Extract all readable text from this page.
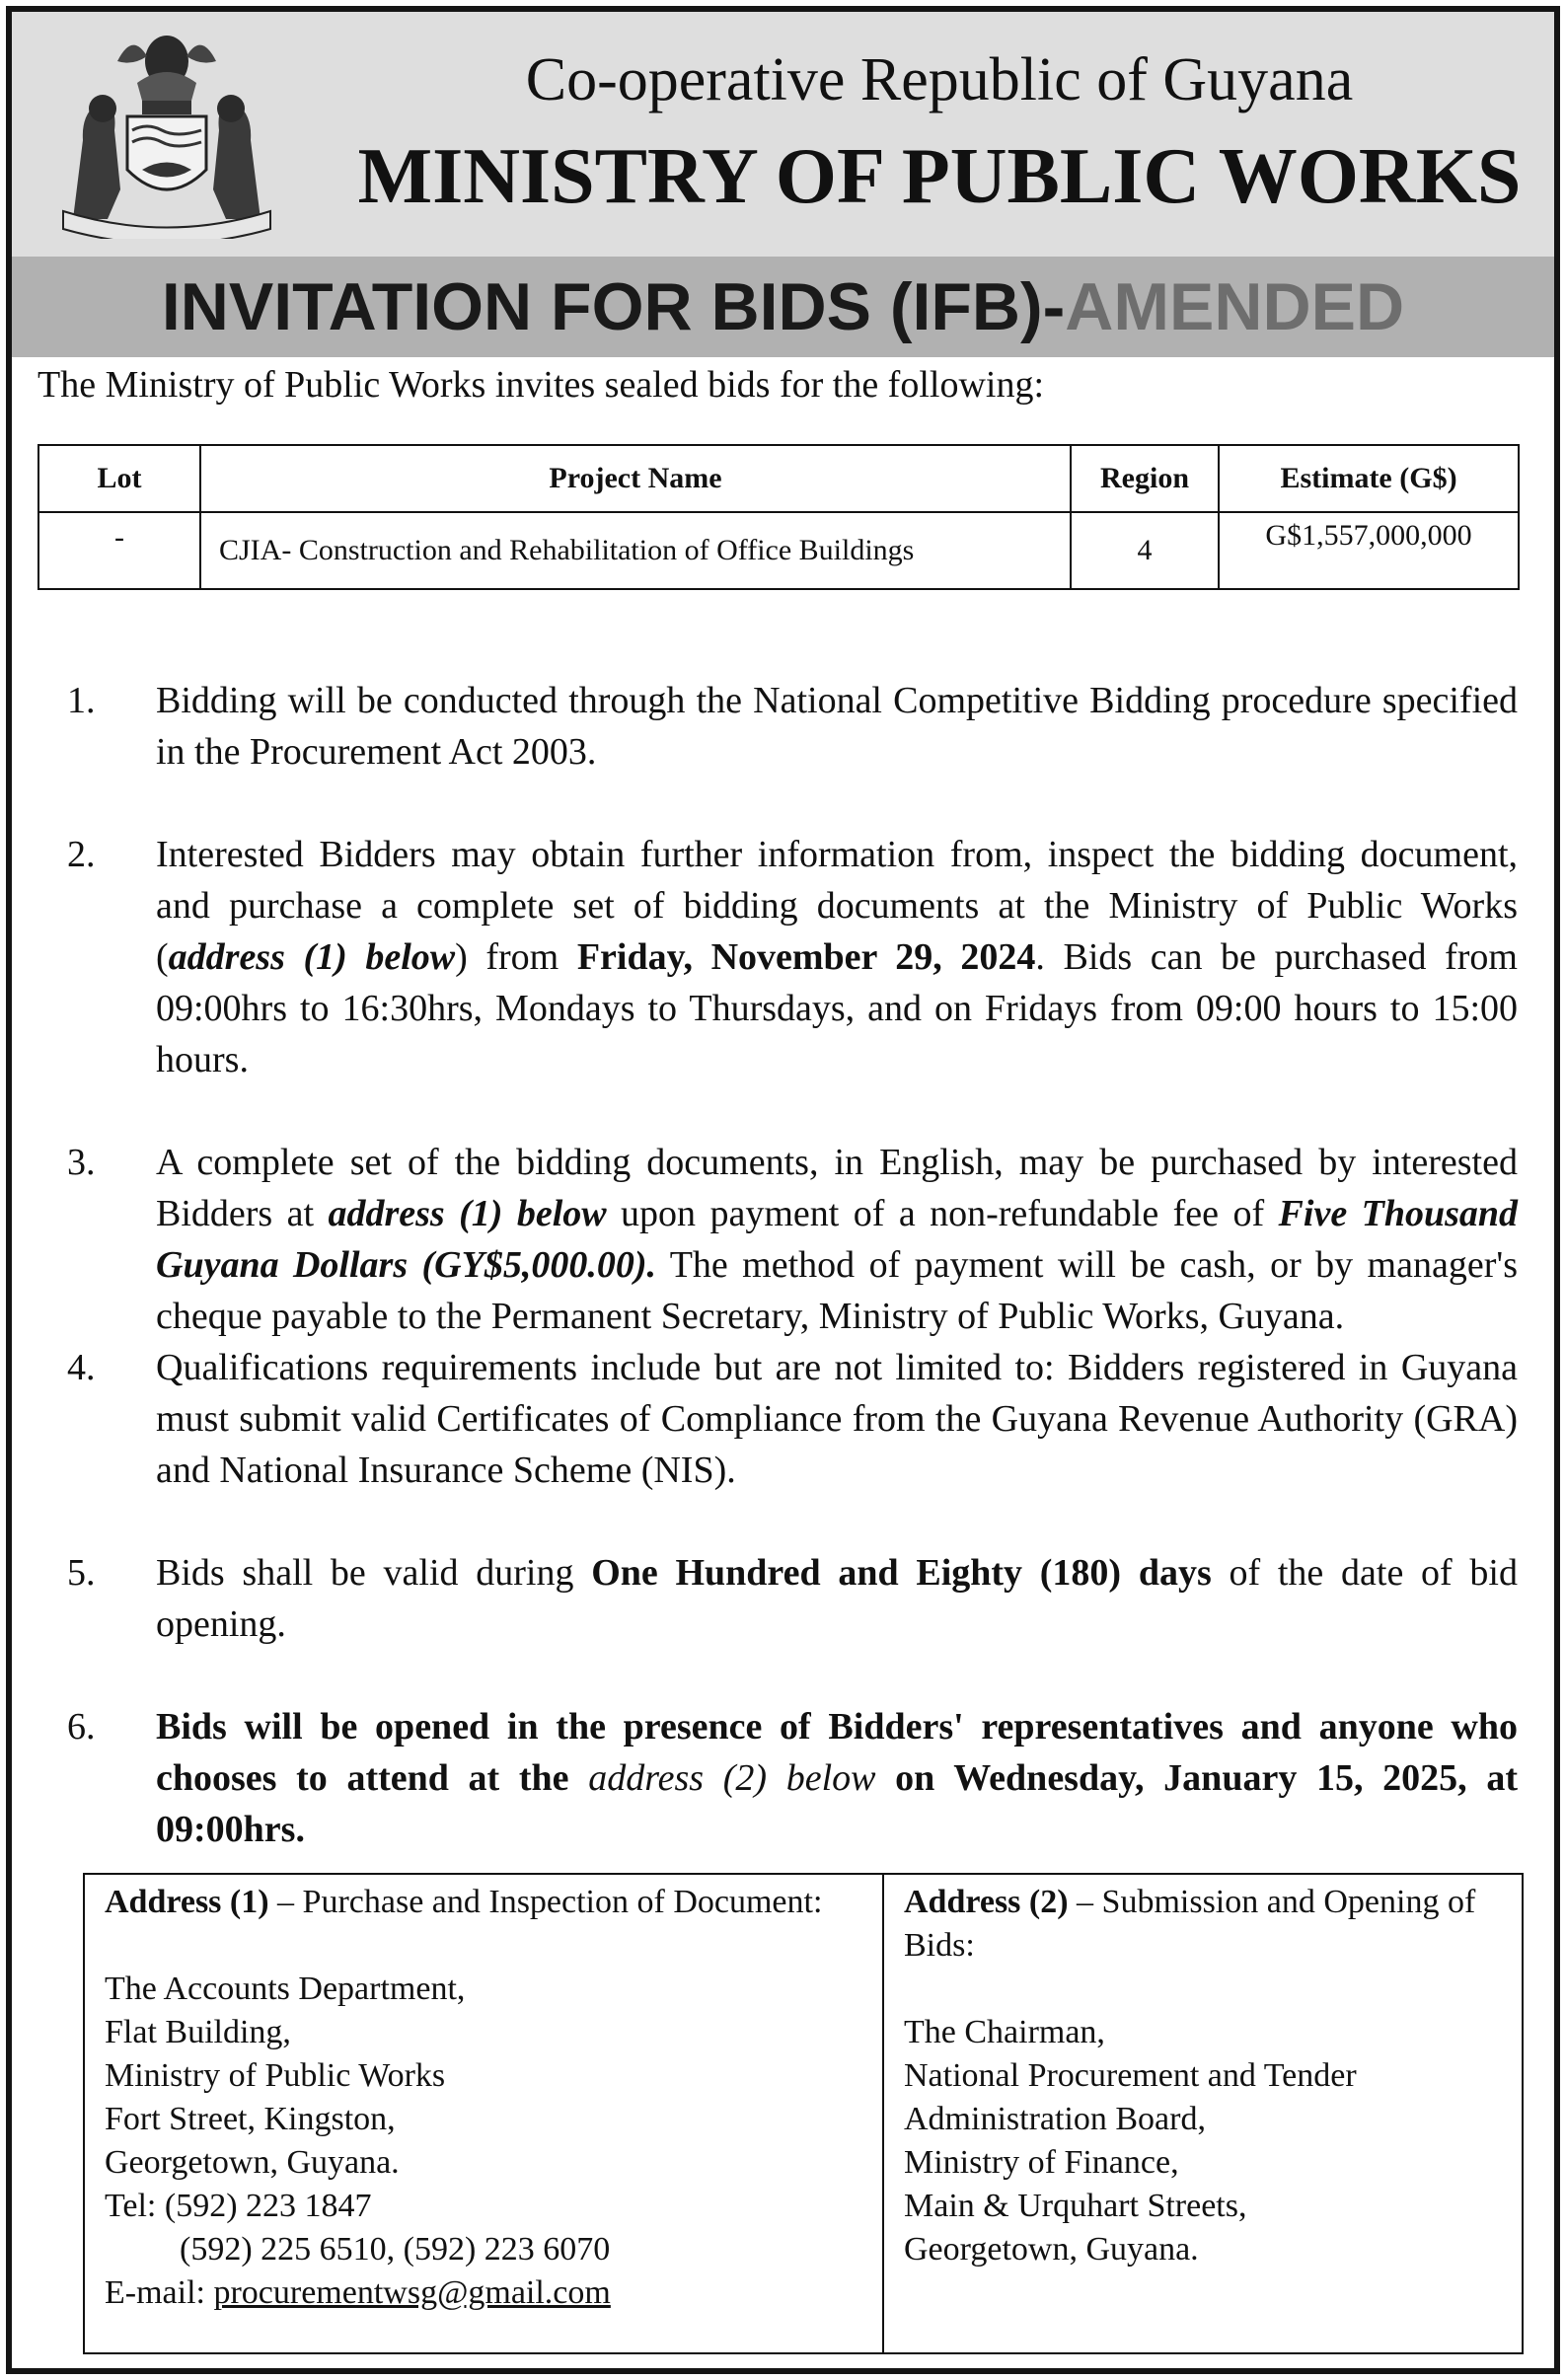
Co-operative Republic of Guyana
MINISTRY OF PUBLIC WORKS
INVITATION FOR BIDS (IFB)-AMENDED
The Ministry of Public Works invites sealed bids for the following:
Lot	Project Name	Region	Estimate (G$)
-	CJIA- Construction and Rehabilitation of Office Buildings	4	G$1,557,000,000
1.	Bidding will be conducted through the National Competitive Bidding procedure specified in the Procurement Act 2003.
2.	Interested Bidders may obtain further information from, inspect the bidding document, and purchase a complete set of bidding documents at the Ministry of Public Works (address (1) below) from Friday, November 29, 2024. Bids can be purchased from 09:00hrs to 16:30hrs, Mondays to Thursdays, and on Fridays from 09:00 hours to 15:00 hours.
3.	A complete set of the bidding documents, in English, may be purchased by interested Bidders at address (1) below upon payment of a non-refundable fee of Five Thousand Guyana Dollars (GY$5,000.00). The method of payment will be cash, or by manager's cheque payable to the Permanent Secretary, Ministry of Public Works, Guyana.
4.	Qualifications requirements include but are not limited to: Bidders registered in Guyana must submit valid Certificates of Compliance from the Guyana Revenue Authority (GRA) and National Insurance Scheme (NIS).
5.	Bids shall be valid during One Hundred and Eighty (180) days of the date of bid opening.
6.	Bids will be opened in the presence of Bidders' representatives and anyone who chooses to attend at the address (2) below on Wednesday, January 15, 2025, at 09:00hrs.
Address (1) – Purchase and Inspection of Document:
The Accounts Department,
Flat Building,
Ministry of Public Works
Fort Street, Kingston,
Georgetown, Guyana.
Tel: (592) 223 1847
(592) 225 6510, (592) 223 6070
E-mail: procurementwsg@gmail.com
Address (2) – Submission and Opening of Bids:
The Chairman,
National Procurement and Tender
Administration Board,
Ministry of Finance,
Main & Urquhart Streets,
Georgetown, Guyana.
